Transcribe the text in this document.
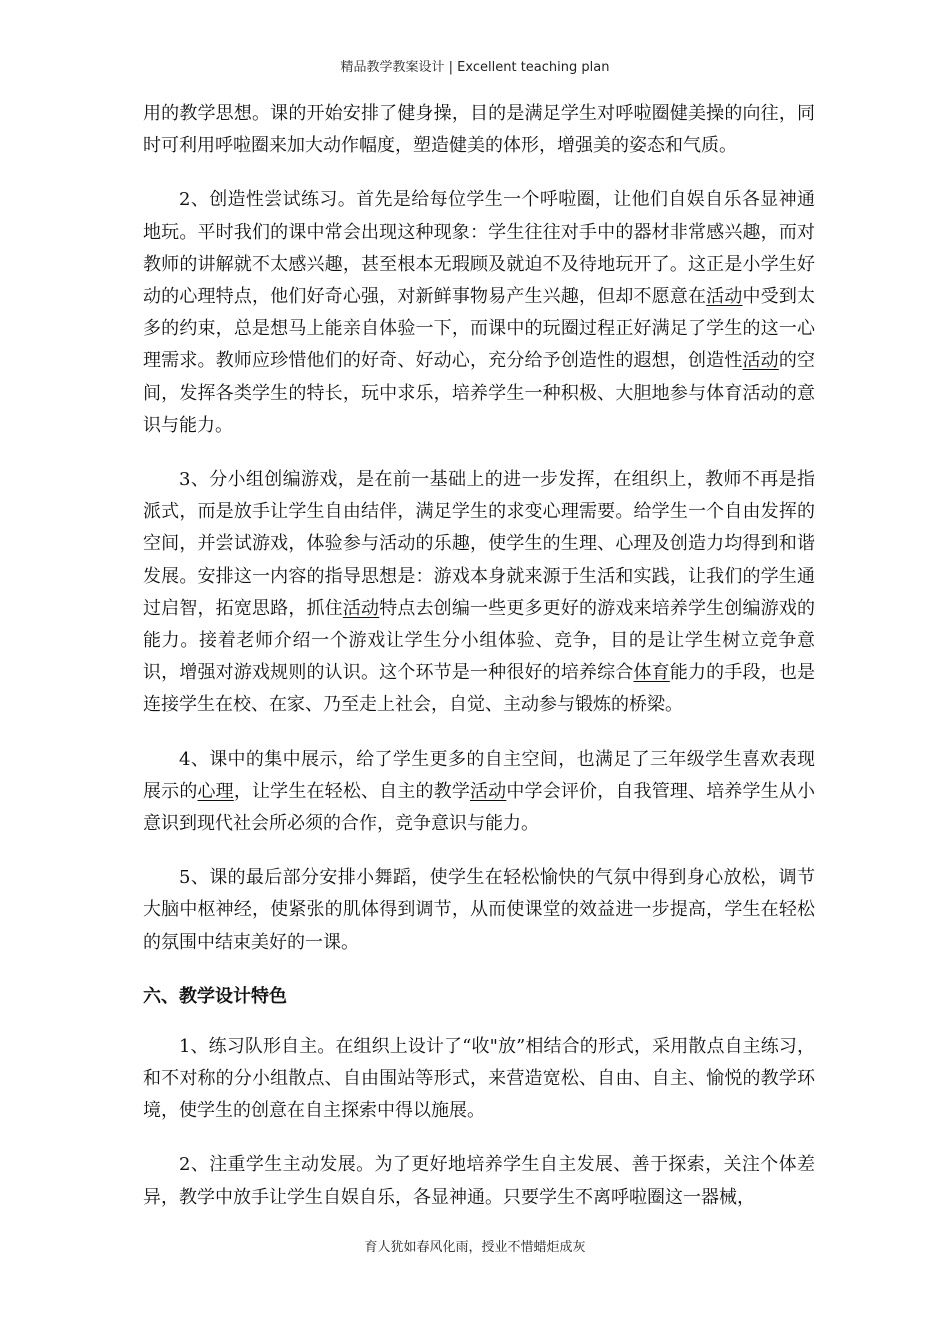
精品教学教案设计 | Excellent teaching plan

用的教学思想。课的开始安排了健身操，目的是满足学生对呼啦圈健美操的向往，同时可利用呼啦圈来加大动作幅度，塑造健美的体形，增强美的姿态和气质。

2、创造性尝试练习。首先是给每位学生一个呼啦圈，让他们自娱自乐各显神通地玩。平时我们的课中常会出现这种现象：学生往往对手中的器材非常感兴趣，而对教师的讲解就不太感兴趣，甚至根本无瑕顾及就迫不及待地玩开了。这正是小学生好动的心理特点，他们好奇心强，对新鲜事物易产生兴趣，但却不愿意在活动中受到太多的约束，总是想马上能亲自体验一下，而课中的玩圈过程正好满足了学生的这一心理需求。教师应珍惜他们的好奇、好动心，充分给予创造性的遐想，创造性活动的空间，发挥各类学生的特长，玩中求乐，培养学生一种积极、大胆地参与体育活动的意识与能力。

3、分小组创编游戏，是在前一基础上的进一步发挥，在组织上，教师不再是指派式，而是放手让学生自由结伴，满足学生的求变心理需要。给学生一个自由发挥的空间，并尝试游戏，体验参与活动的乐趣，使学生的生理、心理及创造力均得到和谐发展。安排这一内容的指导思想是：游戏本身就来源于生活和实践，让我们的学生通过启智，拓宽思路，抓住活动特点去创编一些更多更好的游戏来培养学生创编游戏的能力。接着老师介绍一个游戏让学生分小组体验、竞争，目的是让学生树立竞争意识，增强对游戏规则的认识。这个环节是一种很好的培养综合体育能力的手段，也是连接学生在校、在家、乃至走上社会，自觉、主动参与锻炼的桥梁。

4、课中的集中展示，给了学生更多的自主空间，也满足了三年级学生喜欢表现展示的心理，让学生在轻松、自主的教学活动中学会评价，自我管理、培养学生从小意识到现代社会所必须的合作，竞争意识与能力。

5、课的最后部分安排小舞蹈，使学生在轻松愉快的气氛中得到身心放松，调节大脑中枢神经，使紧张的肌体得到调节，从而使课堂的效益进一步提高，学生在轻松的氛围中结束美好的一课。

六、教学设计特色

1、练习队形自主。在组织上设计了“收"放”相结合的形式，采用散点自主练习，和不对称的分小组散点、自由围站等形式，来营造宽松、自由、自主、愉悦的教学环境，使学生的创意在自主探索中得以施展。

2、注重学生主动发展。为了更好地培养学生自主发展、善于探索，关注个体差异，教学中放手让学生自娱自乐，各显神通。只要学生不离呼啦圈这一器械，

育人犹如春风化雨，授业不惜蜡炬成灰
